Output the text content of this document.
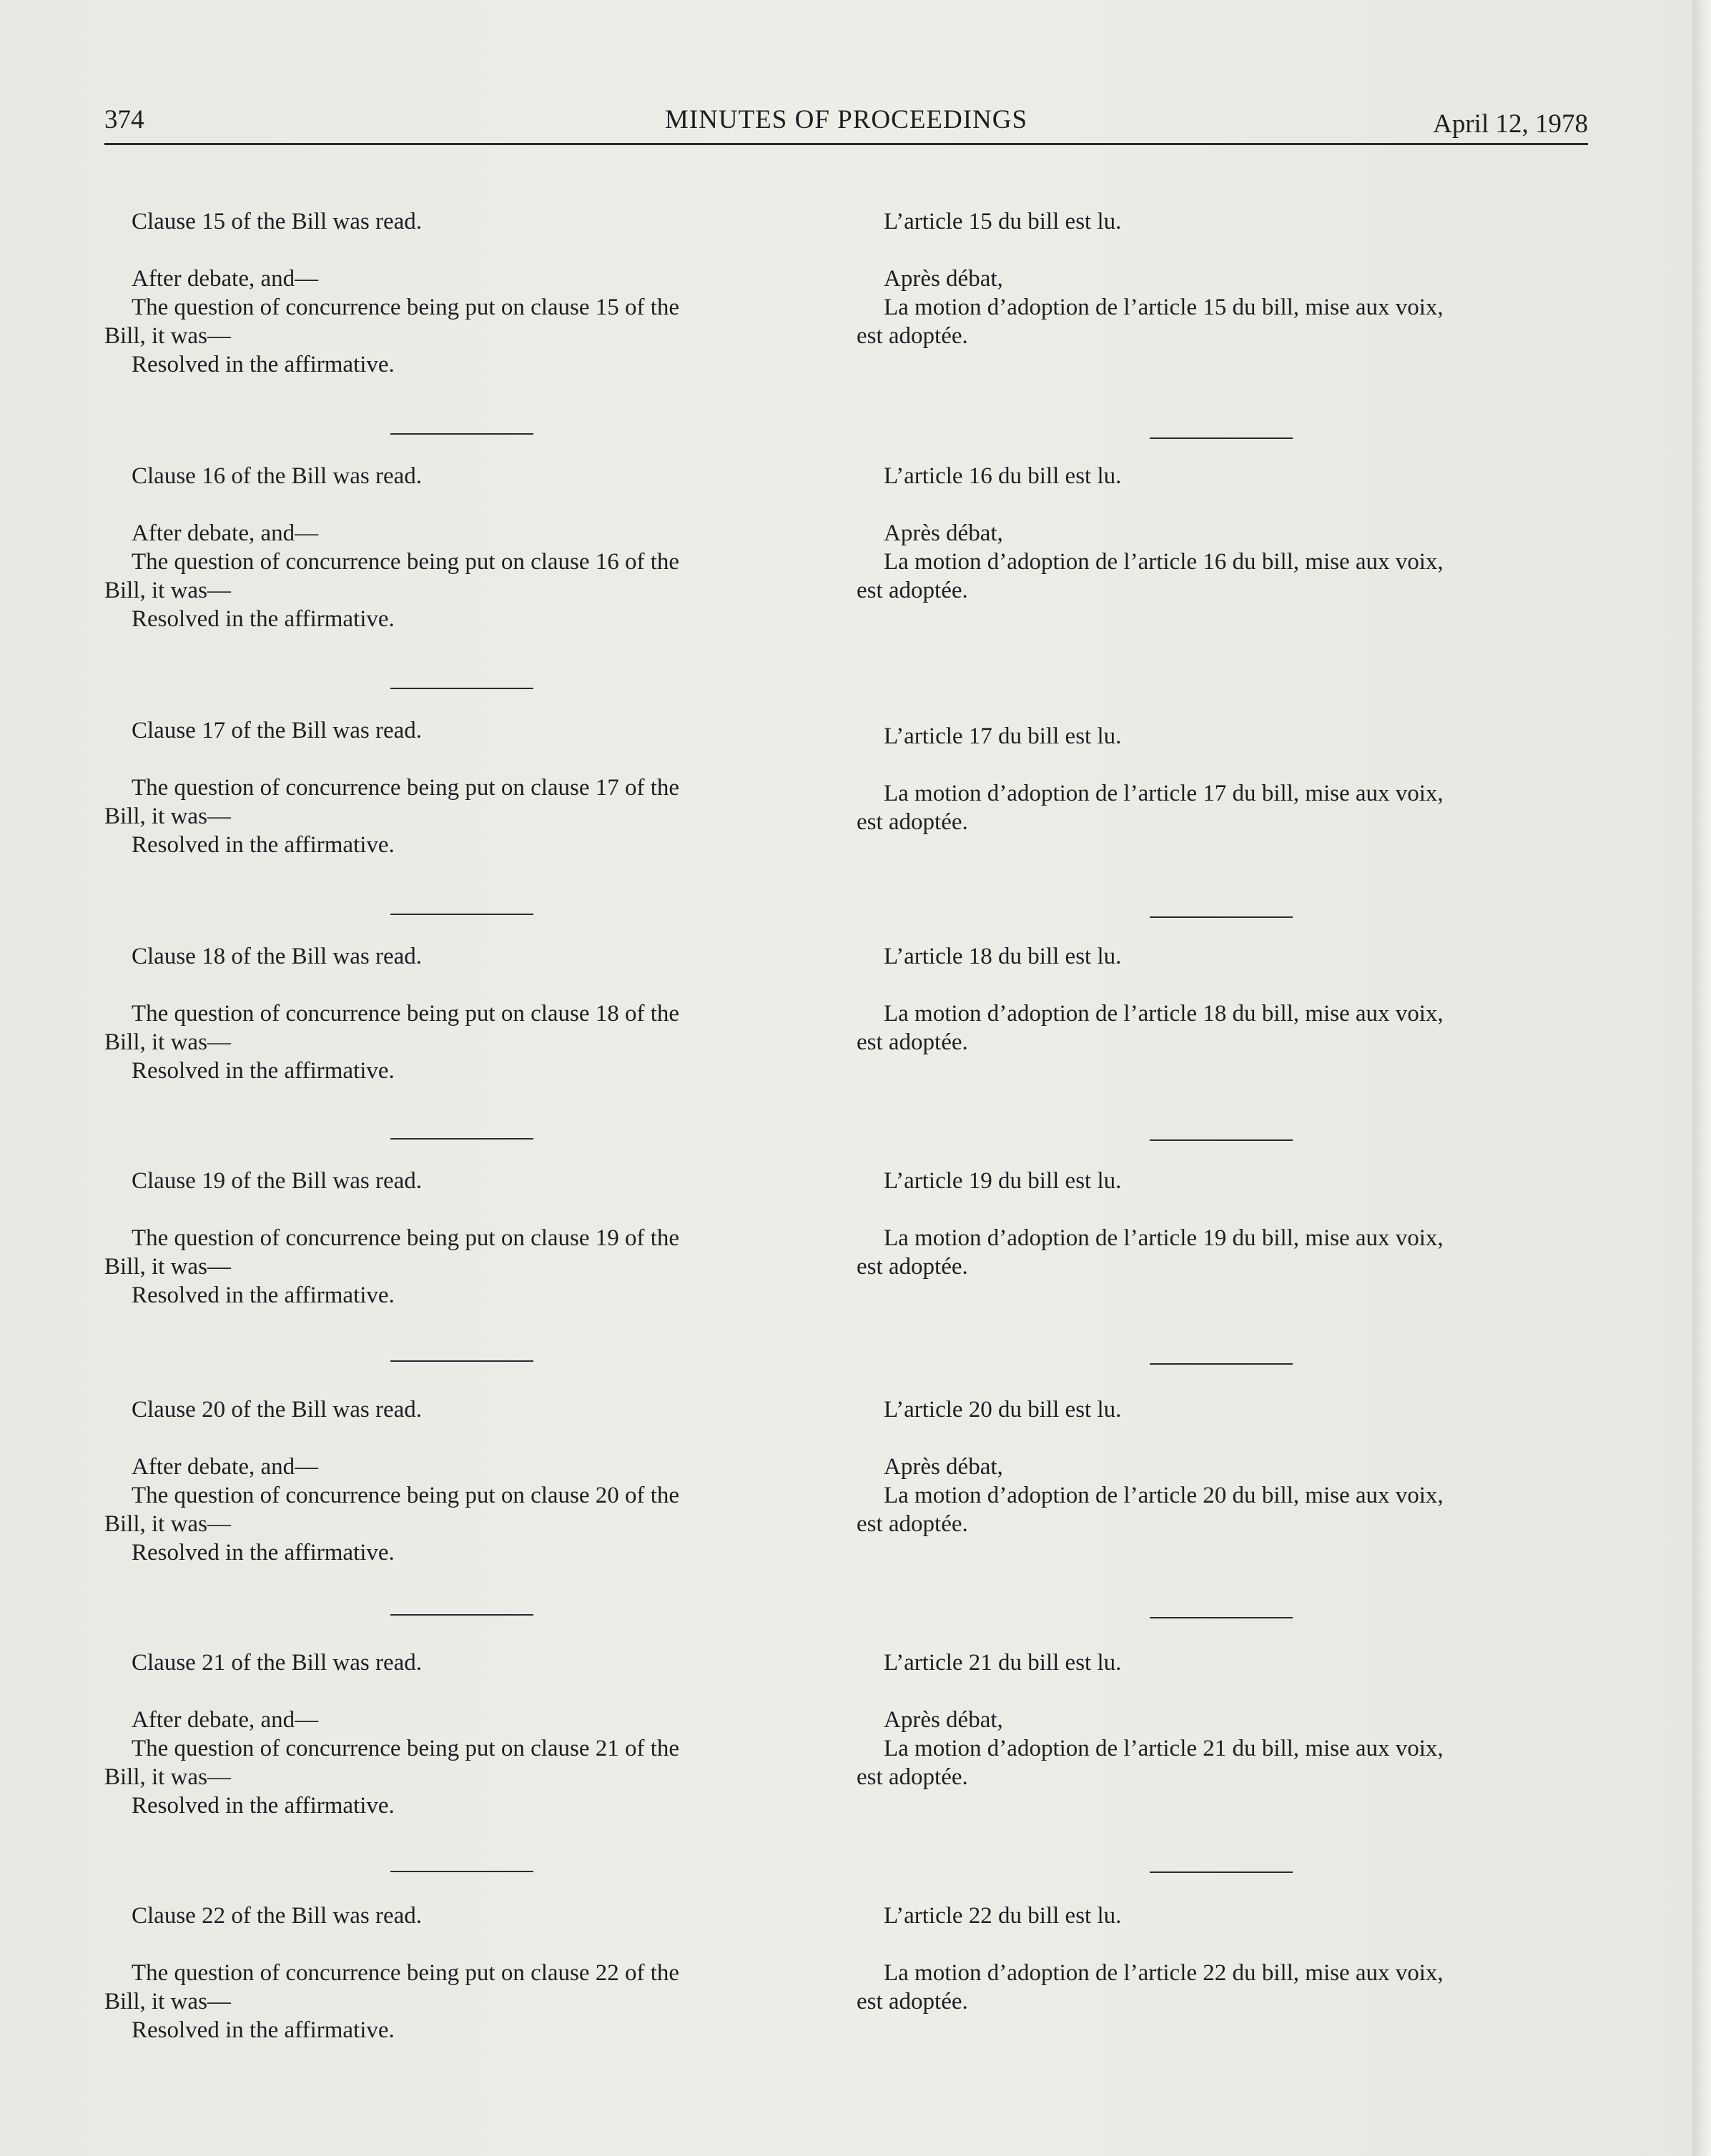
374	MINUTES OF PROCEEDINGS	April 12, 1978

Clause 15 of the Bill was read.

After debate, and—

The question of concurrence being put on clause 15 of the

Bill, it was—

Resolved in the affirmative.

Clause 16 of the Bill was read.

After debate, and—

The question of concurrence being put on clause 16 of the

Bill, it was—

Resolved in the affirmative.

Clause 17 of the Bill was read.

The question of concurrence being put on clause 17 of the

Bill, it was—

Resolved in the affirmative.

Clause 18 of the Bill was read.

The question of concurrence being put on clause 18 of the

Bill, it was—

Resolved in the affirmative.

Clause 19 of the Bill was read.

The question of concurrence being put on clause 19 of the

Bill, it was—

Resolved in the affirmative.

Clause 20 of the Bill was read.

After debate, and—

The question of concurrence being put on clause 20 of the

Bill, it was—

Resolved in the affirmative.

Clause 21 of the Bill was read.

After debate, and—

The question of concurrence being put on clause 21 of the

Bill, it was—

Resolved in the affirmative.

Clause 22 of the Bill was read.

The question of concurrence being put on clause 22 of the

Bill, it was—

Resolved in the affirmative.

L’article 15 du bill est lu.

Après débat,

La motion d’adoption de l’article 15 du bill, mise aux voix,

est adoptée.

L’article 16 du bill est lu.

Après débat,

La motion d’adoption de l’article 16 du bill, mise aux voix,

est adoptée.

L’article 17 du bill est lu.

La motion d’adoption de l’article 17 du bill, mise aux voix,

est adoptée.

L’article 18 du bill est lu.

La motion d’adoption de l’article 18 du bill, mise aux voix,

est adoptée.

L’article 19 du bill est lu.

La motion d’adoption de l’article 19 du bill, mise aux voix,

est adoptée.

L’article 20 du bill est lu.

Après débat,

La motion d’adoption de l’article 20 du bill, mise aux voix,

est adoptée.

L’article 21 du bill est lu.

Après débat,

La motion d’adoption de l’article 21 du bill, mise aux voix,

est adoptée.

L’article 22 du bill est lu.

La motion d’adoption de l’article 22 du bill, mise aux voix,

est adoptée.
